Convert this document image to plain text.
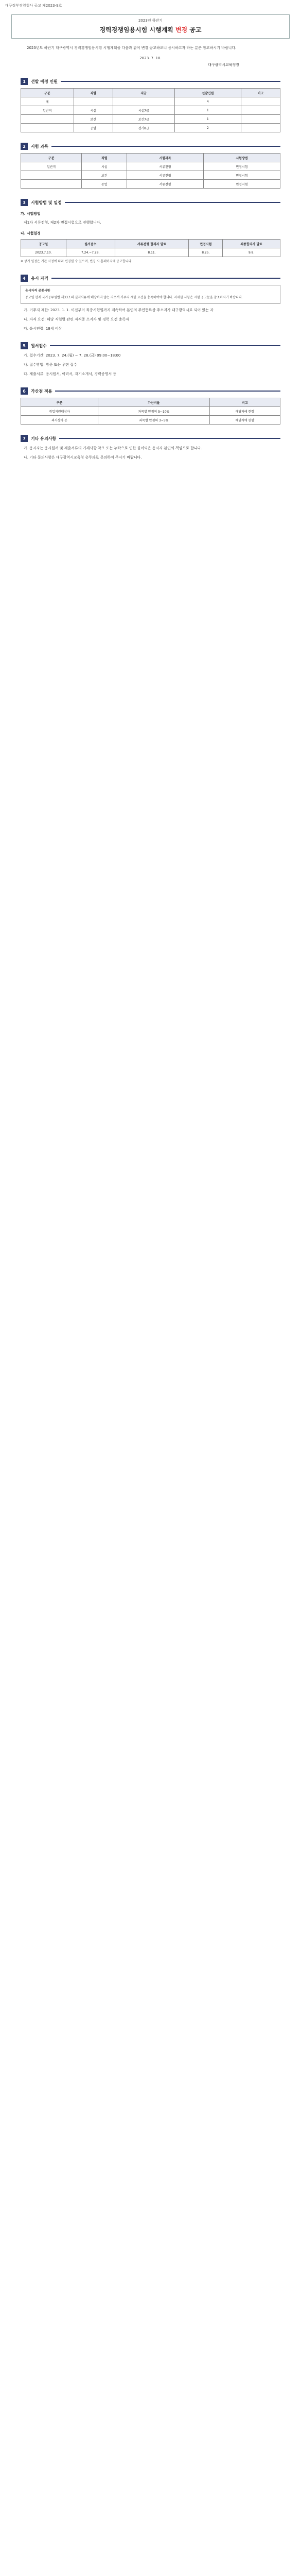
대구정부경영청사 공고 제2023-9호
2023년 하반기
경력경쟁임용시험 시행계획 변경 공고

2023년도 하반기 대구광역시 경력경쟁임용시험 시행계획을 다음과 같이 변경 공고하오니 응시하고자 하는 분은 참고하시기 바랍니다.

2023. 7. 10.
대구광역시교육청장
1	선발 예정 인원
구분	직렬	직급	선발인원	비고
계			4	
일반직	시설	시설7급	1	
	보건	보건7급	1	
	공업	전기8급	2	
2	시험 과목
구분	직렬	시험과목	시험방법
일반직	시설	서류전형	면접시험
	보건	서류전형	면접시험
	공업	서류전형	면접시험
3	시험방법 및 일정
가. 시험방법
제1차 서류전형, 제2차 면접시험으로 진행합니다.
나. 시험일정
공고일	원서접수	서류전형 합격자 발표	면접시험	최종합격자 발표
2023.7.10.	7.24.~7.28.	8.11.	8.25.	9.8.
※ 상기 일정은 기관 사정에 따라 변경될 수 있으며, 변경 시 홈페이지에 공고합니다.
4	응시 자격
응시자격 공통사항
공고일 현재 국가공무원법 제33조의 결격사유에 해당하지 않는 자로서 거주지 제한 요건을 충족하여야 합니다. 자세한 사항은 시험 공고문을 참조하시기 바랍니다.

가. 거주지 제한: 2023. 1. 1. 이전부터 최종시험일까지 계속하여 본인의 주민등록상 주소지가 대구광역시로 되어 있는 자

나. 자격 요건: 해당 직렬별 관련 자격증 소지자 및 경력 요건 충족자

다. 응시연령: 18세 이상

5	원서접수

가. 접수기간: 2023. 7. 24.(월) ~ 7. 28.(금) 09:00~18:00

나. 접수방법: 방문 또는 우편 접수

다. 제출서류: 응시원서, 이력서, 자기소개서, 경력증명서 등

6	가산점 적용
구분	가산비율	비고
취업지원대상자	과목별 만점의 5~10%	해당자에 한함
의사상자 등	과목별 만점의 3~5%	해당자에 한함
7	기타 유의사항

가. 응시자는 응시원서 및 제출서류의 기재사항 착오 또는 누락으로 인한 불이익은 응시자 본인의 책임으로 합니다.

나. 기타 문의사항은 대구광역시교육청 총무과로 문의하여 주시기 바랍니다.
